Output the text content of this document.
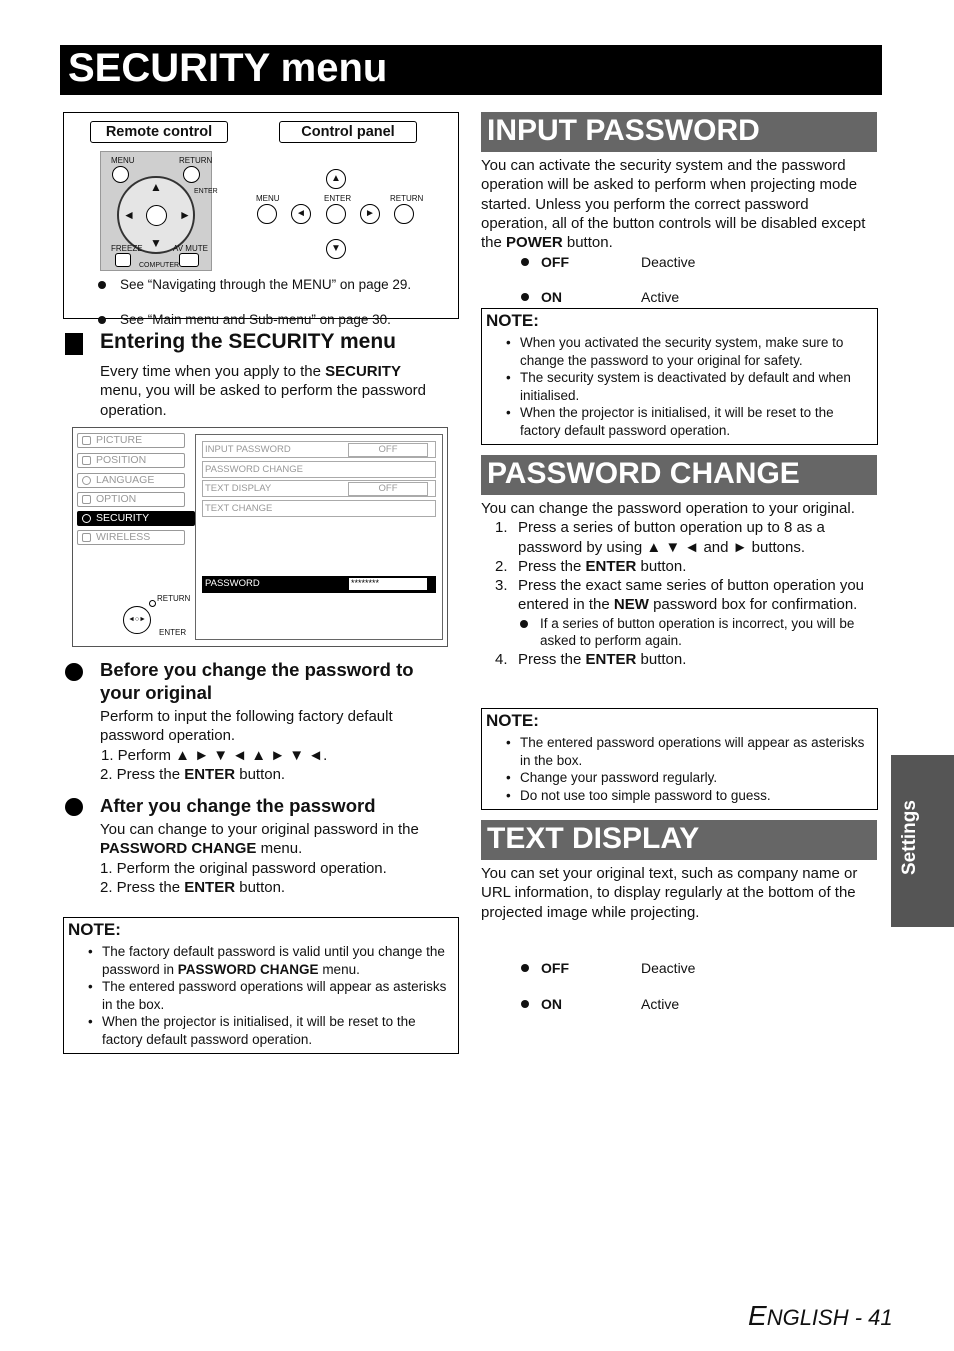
SECURITY menu
Remote control	Control panel
MENU	RETURN
▲
▼
◄	►
ENTER
FREEZE	AV MUTE
COMPUTER
▲
MENU	ENTER	RETURN
◄	►
▼
See “Navigating through the MENU” on page 29.
See “Main menu and Sub-menu” on page 30.
Entering the SECURITY menu
Every time when you apply to the SECURITY
menu, you will be asked to perform the password operation.
PICTURE
POSITION
LANGUAGE
OPTION
SECURITY
WIRELESS
INPUT PASSWORD	OFF
PASSWORD CHANGE
TEXT DISPLAY	OFF
TEXT CHANGE
PASSWORD	********
RETURN
◄○►
ENTER
Before you change the password to
your original
Perform to input the following factory default
password operation.
1. Perform ▲ ► ▼ ◄ ▲ ► ▼ ◄.
2. Press the ENTER button.
After you change the password
You can change to your original password in the
PASSWORD CHANGE menu.
1. Perform the original password operation.
2. Press the ENTER button.
NOTE:
• The factory default password is valid until you change the password in PASSWORD CHANGE menu.
• The entered password operations will appear as asterisks in the box.
• When the projector is initialised, it will be reset to the factory default password operation.
INPUT PASSWORD
You can activate the security system and the password operation will be asked to perform when projecting mode started. Unless you perform the correct password operation, all of the button controls will be disabled except the POWER button.
OFF	Deactive
ON	Active
NOTE:
• When you activated the security system, make sure to change the password to your original for safety.
• The security system is deactivated by default and when initialised.
• When the projector is initialised, it will be reset to the factory default password operation.
PASSWORD CHANGE
You can change the password operation to your original.
1. Press a series of button operation up to 8 as a password by using ▲ ▼ ◄ and ► buttons.
2. Press the ENTER button.
3. Press the exact same series of button operation you entered in the NEW password box for confirmation.
If a series of button operation is incorrect, you will be asked to perform again.
4. Press the ENTER button.
NOTE:
• The entered password operations will appear as asterisks in the box.
• Change your password regularly.
• Do not use too simple password to guess.
TEXT DISPLAY
You can set your original text, such as company name or URL information, to display regularly at the bottom of the projected image while projecting.
OFF	Deactive
ON	Active
Settings
ENGLISH - 41
